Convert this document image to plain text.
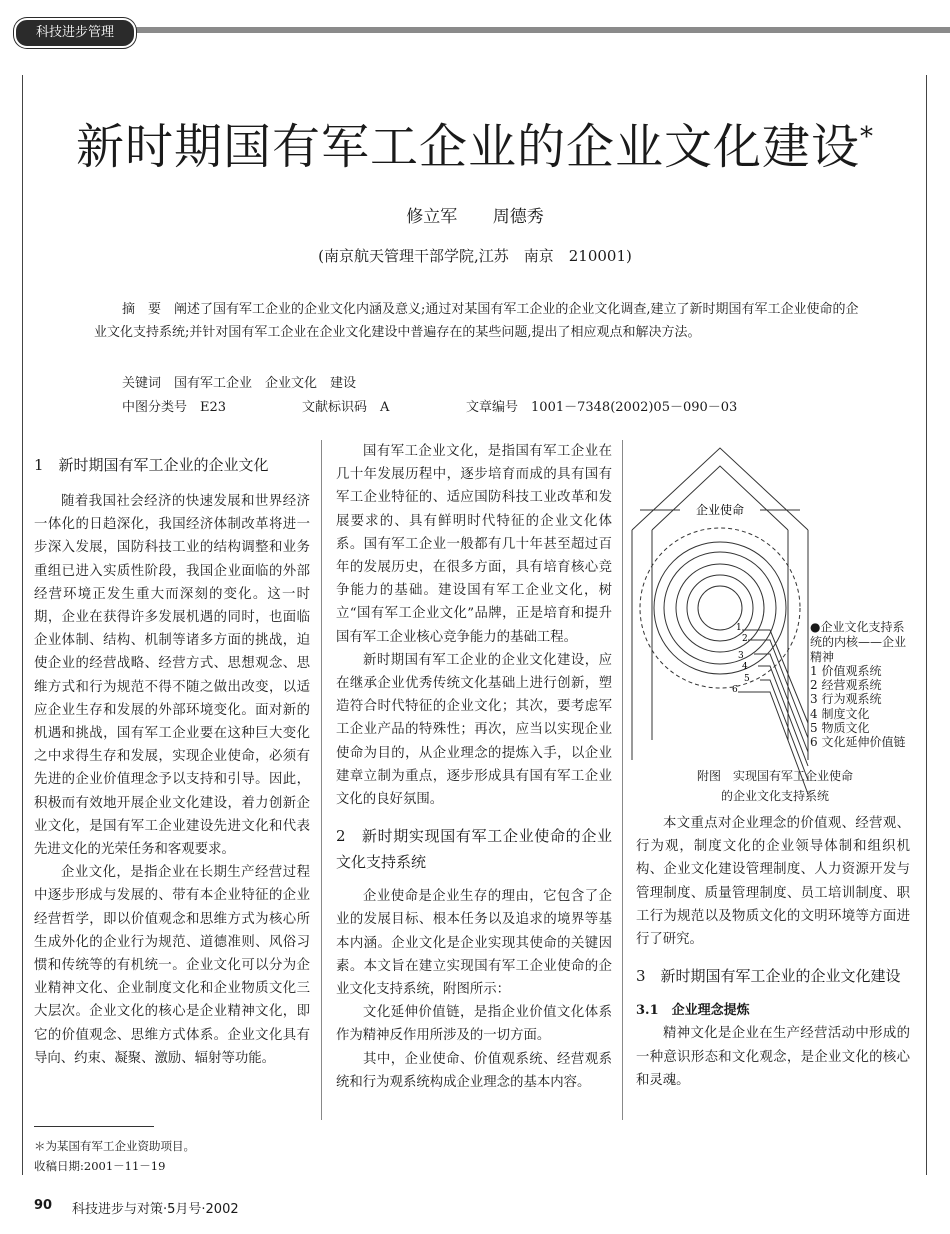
科技进步管理
新时期国有军工企业的企业文化建设*
修立军 周德秀
(南京航天管理干部学院,江苏　南京　210001)
摘　要　 阐述了国有军工企业的企业文化内涵及意义;通过对某国有军工企业的企业文化调查,建立了新时期国有军工企业使命的企业文化支持系统;并针对国有军工企业在企业文化建设中普遍存在的某些问题,提出了相应观点和解决方法。
关键词　 国有军工企业　企业文化　建设
中图分类号　 E23	文献标识码　 A	文章编号　 1001－7348(2002)05－090－03
1　新时期国有军工企业的企业文化

随着我国社会经济的快速发展和世界经济一体化的日趋深化，我国经济体制改革将进一步深入发展，国防科技工业的结构调整和业务重组已进入实质性阶段，我国企业面临的外部经营环境正发生重大而深刻的变化。这一时期，企业在获得许多发展机遇的同时，也面临企业体制、结构、机制等诸多方面的挑战，迫使企业的经营战略、经营方式、思想观念、思维方式和行为规范不得不随之做出改变，以适应企业生存和发展的外部环境变化。面对新的机遇和挑战，国有军工企业要在这种巨大变化之中求得生存和发展，实现企业使命，必须有先进的企业价值理念予以支持和引导。因此，积极而有效地开展企业文化建设，着力创新企业文化，是国有军工企业建设先进文化和代表先进文化的光荣任务和客观要求。

企业文化，是指企业在长期生产经营过程中逐步形成与发展的、带有本企业特征的企业经营哲学，即以价值观念和思维方式为核心所生成外化的企业行为规范、道德准则、风俗习惯和传统等的有机统一。企业文化可以分为企业精神文化、企业制度文化和企业物质文化三大层次。企业文化的核心是企业精神文化，即它的价值观念、思维方式体系。企业文化具有导向、约束、凝聚、激励、辐射等功能。

国有军工企业文化，是指国有军工企业在几十年发展历程中，逐步培育而成的具有国有军工企业特征的、适应国防科技工业改革和发展要求的、具有鲜明时代特征的企业文化体系。国有军工企业一般都有几十年甚至超过百年的发展历史，在很多方面，具有培育核心竞争能力的基础。建设国有军工企业文化，树立“国有军工企业文化”品牌，正是培育和提升国有军工企业核心竞争能力的基础工程。

新时期国有军工企业的企业文化建设，应在继承企业优秀传统文化基础上进行创新，塑造符合时代特征的企业文化；其次，要考虑军工企业产品的特殊性；再次，应当以实现企业使命为目的，从企业理念的提炼入手，以企业建章立制为重点，逐步形成具有国有军工企业文化的良好氛围。

2　新时期实现国有军工企业使命的企业文化支持系统

企业使命是企业生存的理由，它包含了企业的发展目标、根本任务以及追求的境界等基本内涵。企业文化是企业实现其使命的关键因素。本文旨在建立实现国有军工企业使命的企业文化支持系统，附图所示：

文化延伸价值链，是指企业价值文化体系作为精神反作用所涉及的一切方面。

其中，企业使命、价值观系统、经营观系统和行为观系统构成企业理念的基本内容。

企业使命
1
2
3
4
5
6
●企业文化支持系统的内核——企业精神
1 价值观系统
2 经营观系统
3 行为观系统
4 制度文化
5 物质文化
6 文化延伸价值链
附图　实现国有军工企业使命
的企业文化支持系统

本文重点对企业理念的价值观、经营观、行为观，制度文化的企业领导体制和组织机构、企业文化建设管理制度、人力资源开发与管理制度、质量管理制度、员工培训制度、职工行为规范以及物质文化的文明环境等方面进行了研究。

3　新时期国有军工企业的企业文化建设
3.1　企业理念提炼

精神文化是企业在生产经营活动中形成的一种意识形态和文化观念，是企业文化的核心和灵魂。

＊为某国有军工企业资助项目。
收稿日期:2001－11－19
90 科技进步与对策·5月号·2002
